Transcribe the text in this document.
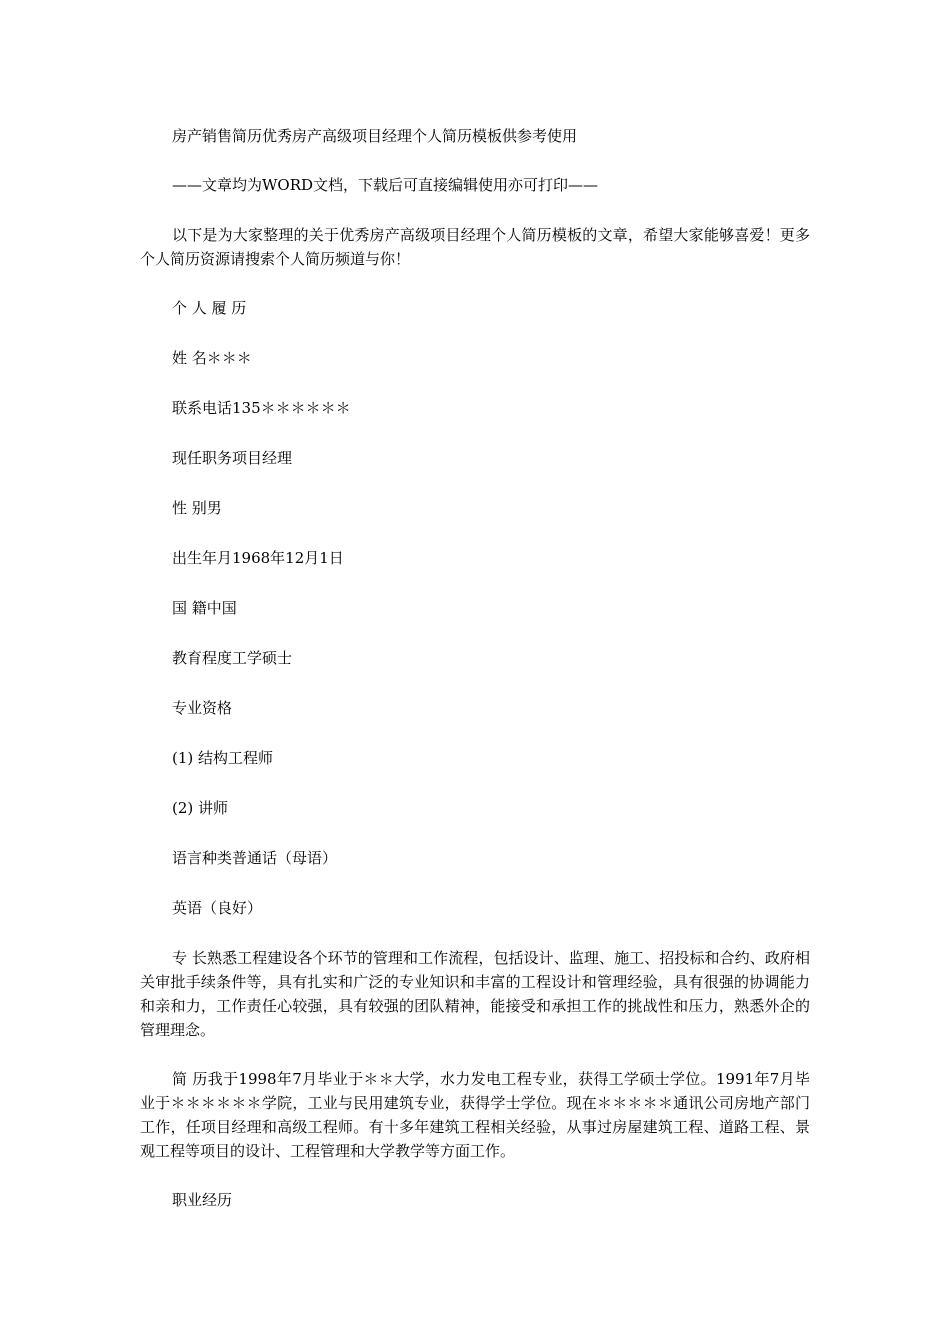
房产销售简历优秀房产高级项目经理个人简历模板供参考使用

——文章均为WORD文档，下载后可直接编辑使用亦可打印——

以下是为大家整理的关于优秀房产高级项目经理个人简历模板的文章，希望大家能够喜爱！更多个人简历资源请搜索个人简历频道与你！

个 人 履 历

姓 名＊＊＊

联系电话135＊＊＊＊＊＊

现任职务项目经理

性 别男

出生年月1968年12月1日

国 籍中国

教育程度工学硕士

专业资格

(1) 结构工程师

(2) 讲师

语言种类普通话（母语）

英语（良好）

专 长熟悉工程建设各个环节的管理和工作流程，包括设计、监理、施工、招投标和合约、政府相关审批手续条件等，具有扎实和广泛的专业知识和丰富的工程设计和管理经验，具有很强的协调能力和亲和力，工作责任心较强，具有较强的团队精神，能接受和承担工作的挑战性和压力，熟悉外企的管理理念。

简 历我于1998年7月毕业于＊＊大学，水力发电工程专业，获得工学硕士学位。1991年7月毕业于＊＊＊＊＊＊学院，工业与民用建筑专业，获得学士学位。现在＊＊＊＊＊通讯公司房地产部门工作，任项目经理和高级工程师。有十多年建筑工程相关经验，从事过房屋建筑工程、道路工程、景观工程等项目的设计、工程管理和大学教学等方面工作。

职业经历
